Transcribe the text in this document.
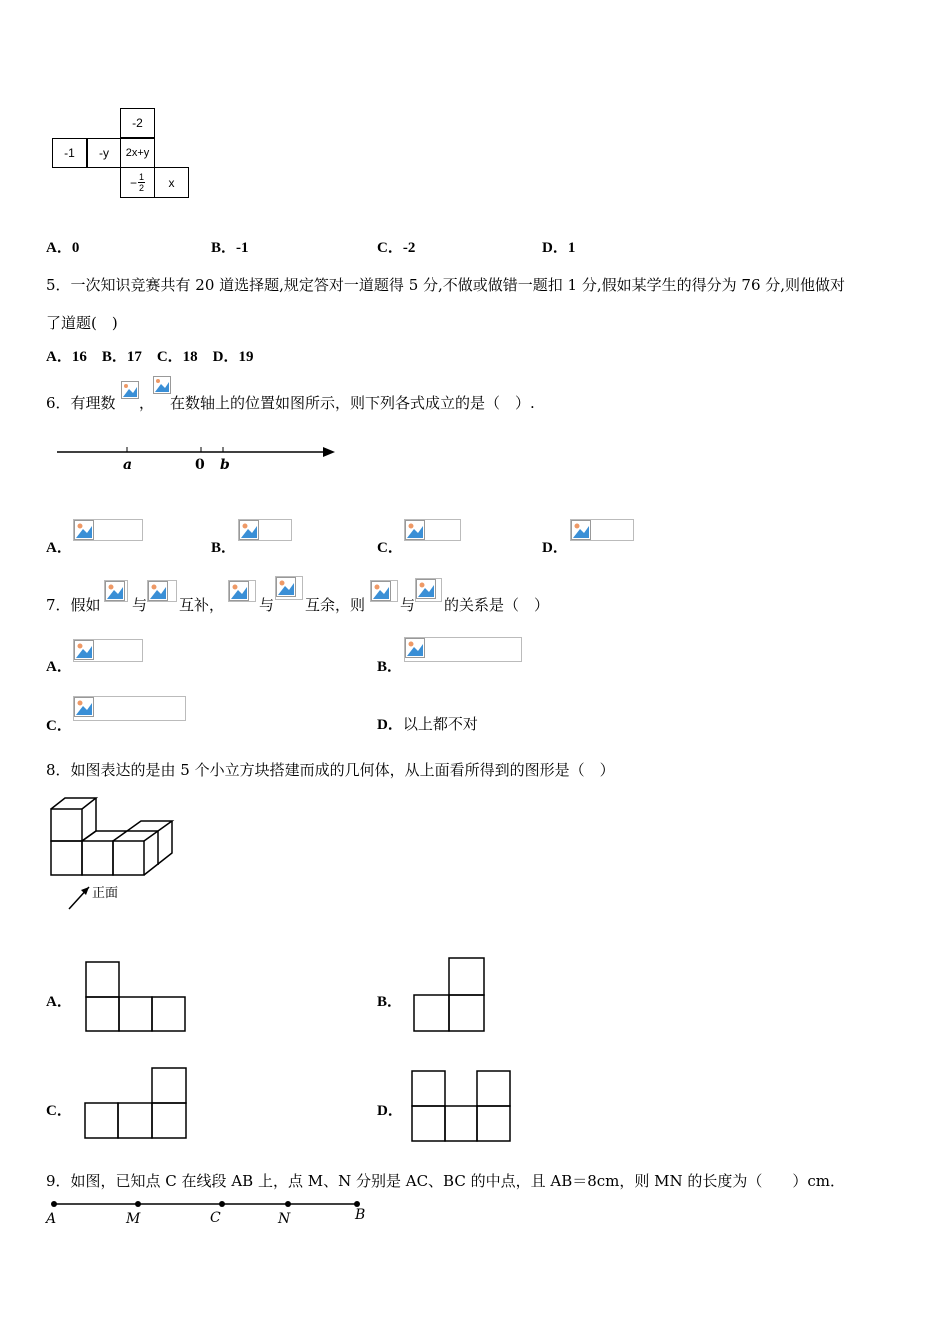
-2
-1	-y	2x+y
− $\frac{1}{2}$	x
A．0	B．-1	C．-2	D．1
5．一次知识竞赛共有 20 道选择题,规定答对一道题得 5 分,不做或做错一题扣 1 分,假如某学生的得分为 76 分,则他做对
了道题(　)
A．16　B．17　C．18　D．19
6．有理数 ， 在数轴上的位置如图所示，则下列各式成立的是（　）.
a	0 b
A．	B．	C．	D．
7．假如 与 互补， 与 互余，则 与 的关系是（　）
A．	B．
C．	D．以上都不对
8．如图表达的是由 5 个小立方块搭建而成的几何体，从上面看所得到的图形是（　）
正面
A．	B．
C．	D．
9．如图，已知点 C 在线段 AB 上，点 M、N 分别是 AC、BC 的中点，且 AB＝8cm，则 MN 的长度为（　　）cm．
A	M	C	N	B
